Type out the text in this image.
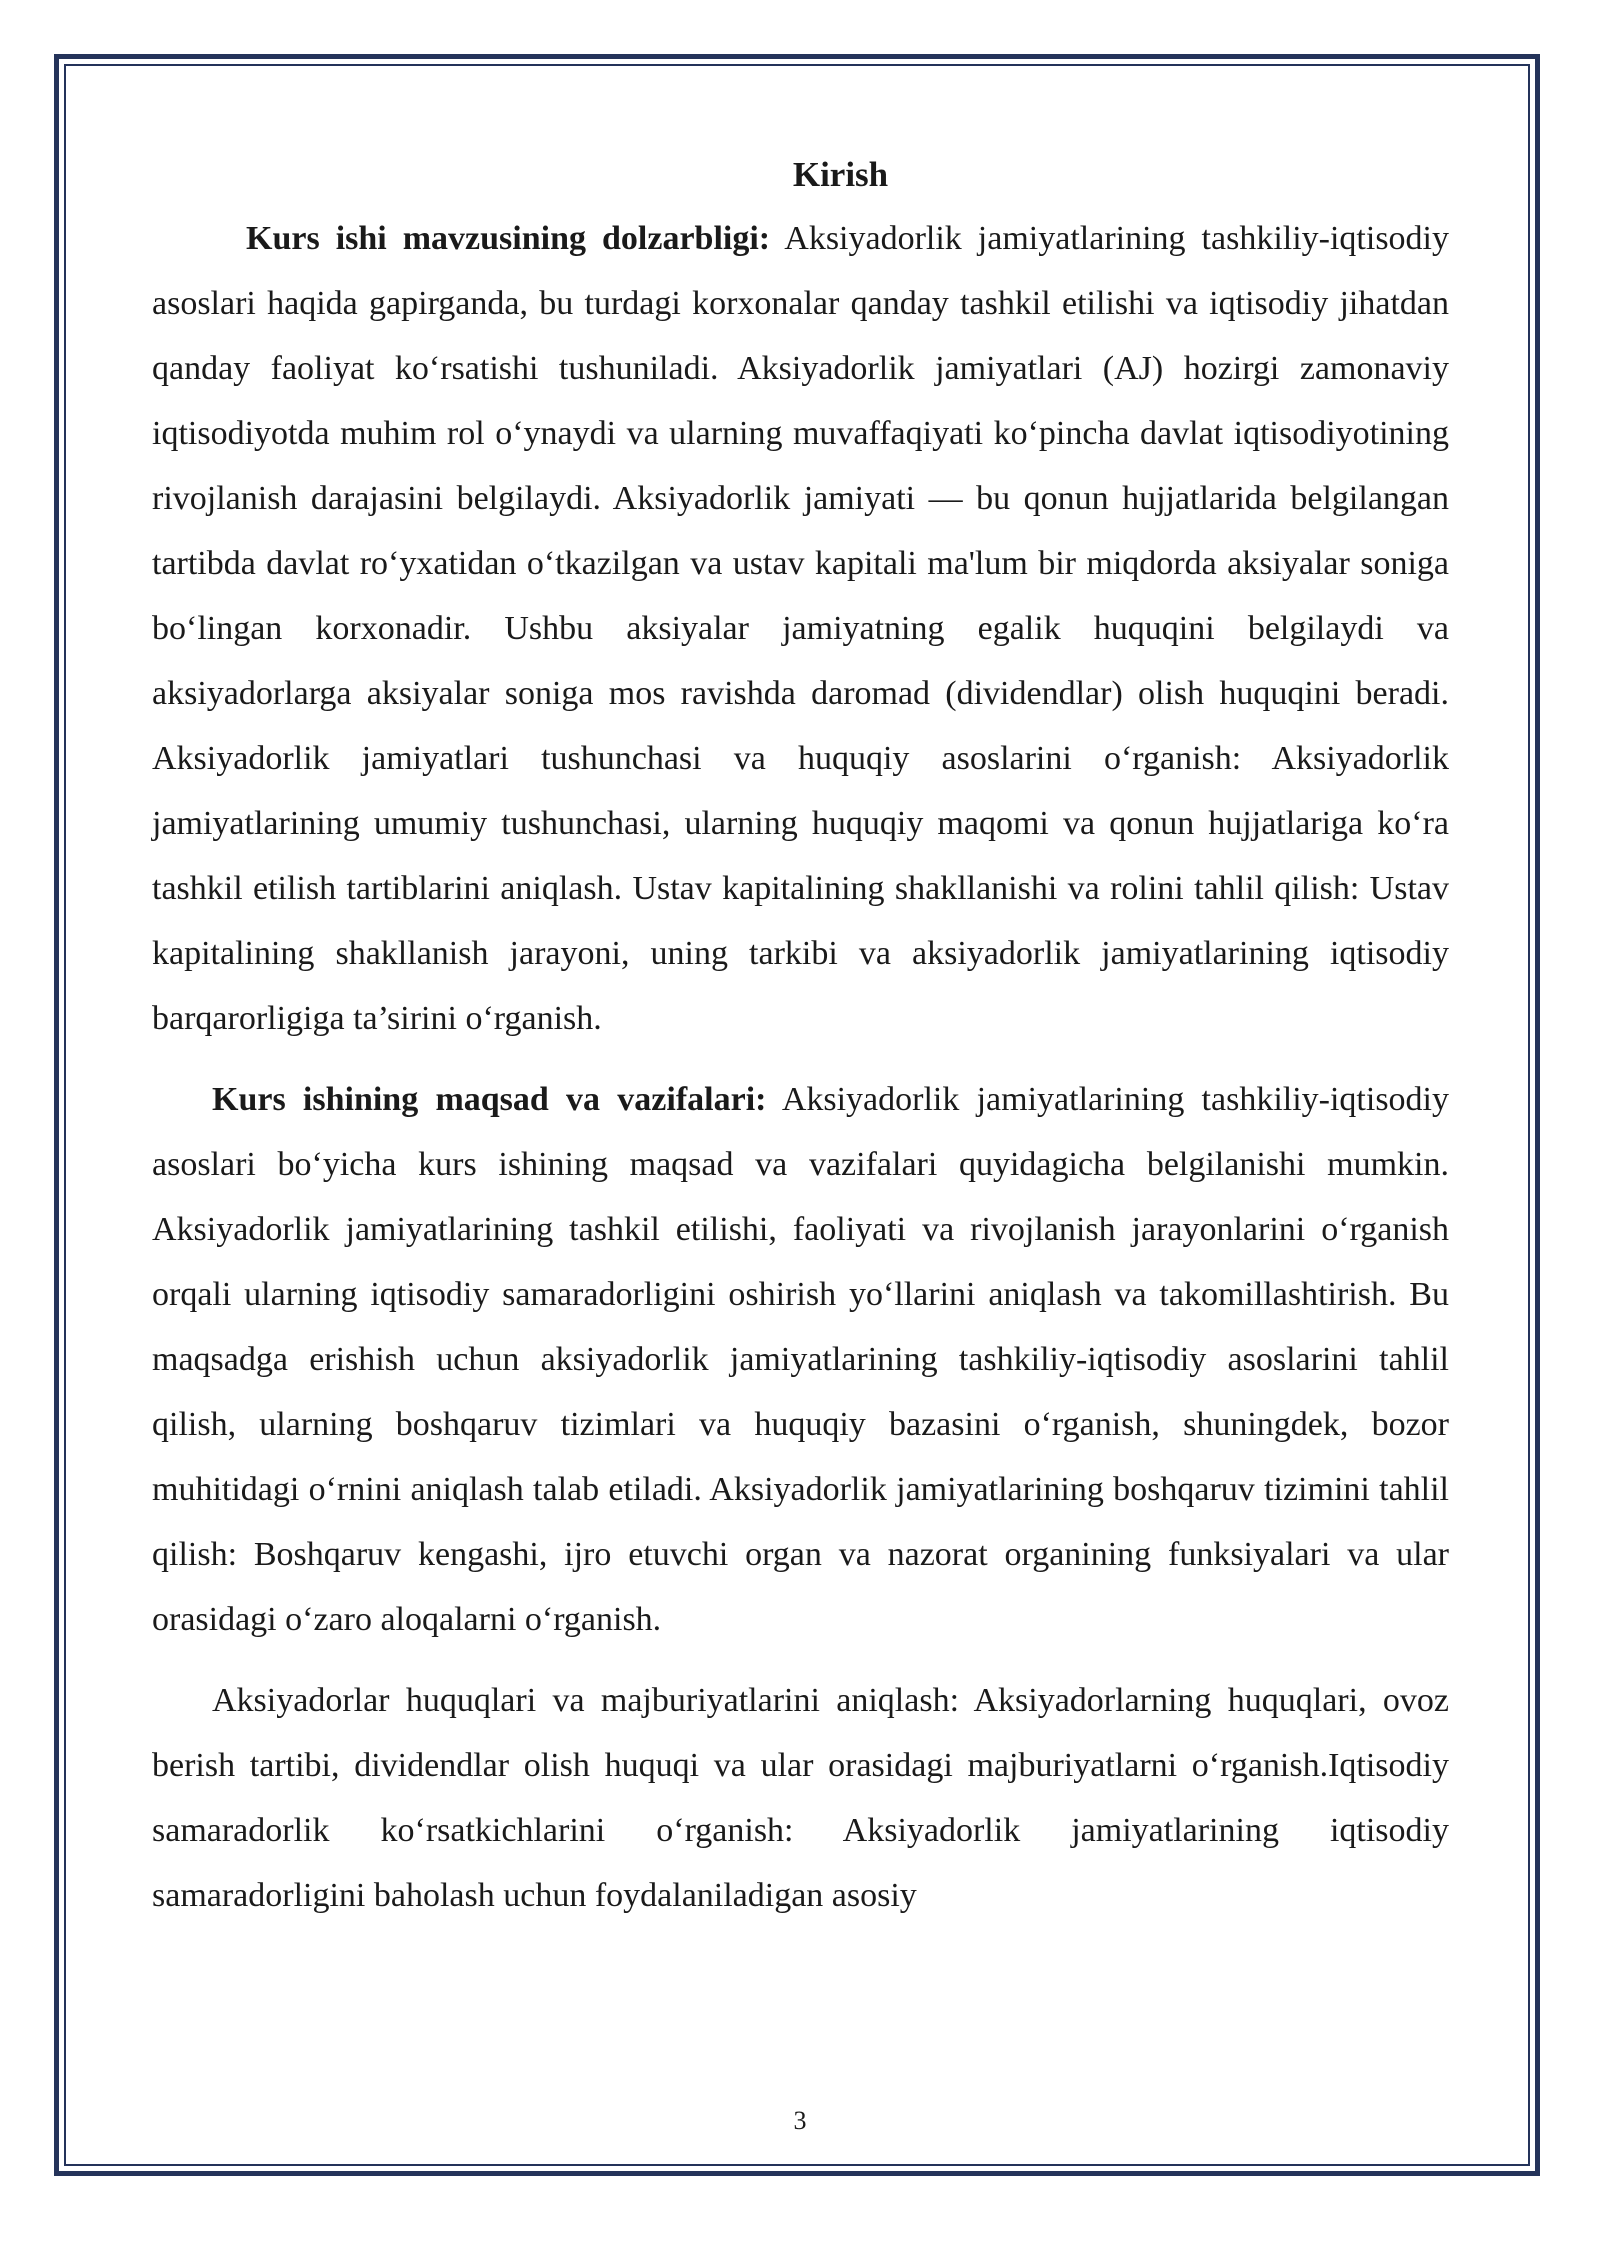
Kirish

Kurs ishi mavzusining dolzarbligi: Aksiyadorlik jamiyatlarining tashkiliy-iqtisodiy asoslari haqida gapirganda, bu turdagi korxonalar qanday tashkil etilishi va iqtisodiy jihatdan qanday faoliyat koʻrsatishi tushuniladi. Aksiyadorlik jamiyatlari (AJ) hozirgi zamonaviy iqtisodiyotda muhim rol oʻynaydi va ularning muvaffaqiyati koʻpincha davlat iqtisodiyotining rivojlanish darajasini belgilaydi. Aksiyadorlik jamiyati — bu qonun hujjatlarida belgilangan tartibda davlat roʻyxatidan oʻtkazilgan va ustav kapitali ma'lum bir miqdorda aksiyalar soniga boʻlingan korxonadir. Ushbu aksiyalar jamiyatning egalik huquqini belgilaydi va aksiyadorlarga aksiyalar soniga mos ravishda daromad (dividendlar) olish huquqini beradi. Aksiyadorlik jamiyatlari tushunchasi va huquqiy asoslarini oʻrganish: Aksiyadorlik jamiyatlarining umumiy tushunchasi, ularning huquqiy maqomi va qonun hujjatlariga koʻra tashkil etilish tartiblarini aniqlash. Ustav kapitalining shakllanishi va rolini tahlil qilish: Ustav kapitalining shakllanish jarayoni, uning tarkibi va aksiyadorlik jamiyatlarining iqtisodiy barqarorligiga ta’sirini oʻrganish.

Kurs ishining maqsad va vazifalari: Aksiyadorlik jamiyatlarining tashkiliy-iqtisodiy asoslari boʻyicha kurs ishining maqsad va vazifalari quyidagicha belgilanishi mumkin. Aksiyadorlik jamiyatlarining tashkil etilishi, faoliyati va rivojlanish jarayonlarini oʻrganish orqali ularning iqtisodiy samaradorligini oshirish yoʻllarini aniqlash va takomillashtirish. Bu maqsadga erishish uchun aksiyadorlik jamiyatlarining tashkiliy-iqtisodiy asoslarini tahlil qilish, ularning boshqaruv tizimlari va huquqiy bazasini oʻrganish, shuningdek, bozor muhitidagi oʻrnini aniqlash talab etiladi. Aksiyadorlik jamiyatlarining boshqaruv tizimini tahlil qilish: Boshqaruv kengashi, ijro etuvchi organ va nazorat organining funksiyalari va ular orasidagi oʻzaro aloqalarni oʻrganish.

Aksiyadorlar huquqlari va majburiyatlarini aniqlash: Aksiyadorlarning huquqlari, ovoz berish tartibi, dividendlar olish huquqi va ular orasidagi majburiyatlarni oʻrganish.Iqtisodiy samaradorlik koʻrsatkichlarini oʻrganish: Aksiyadorlik jamiyatlarining iqtisodiy samaradorligini baholash uchun foydalaniladigan asosiy

3
